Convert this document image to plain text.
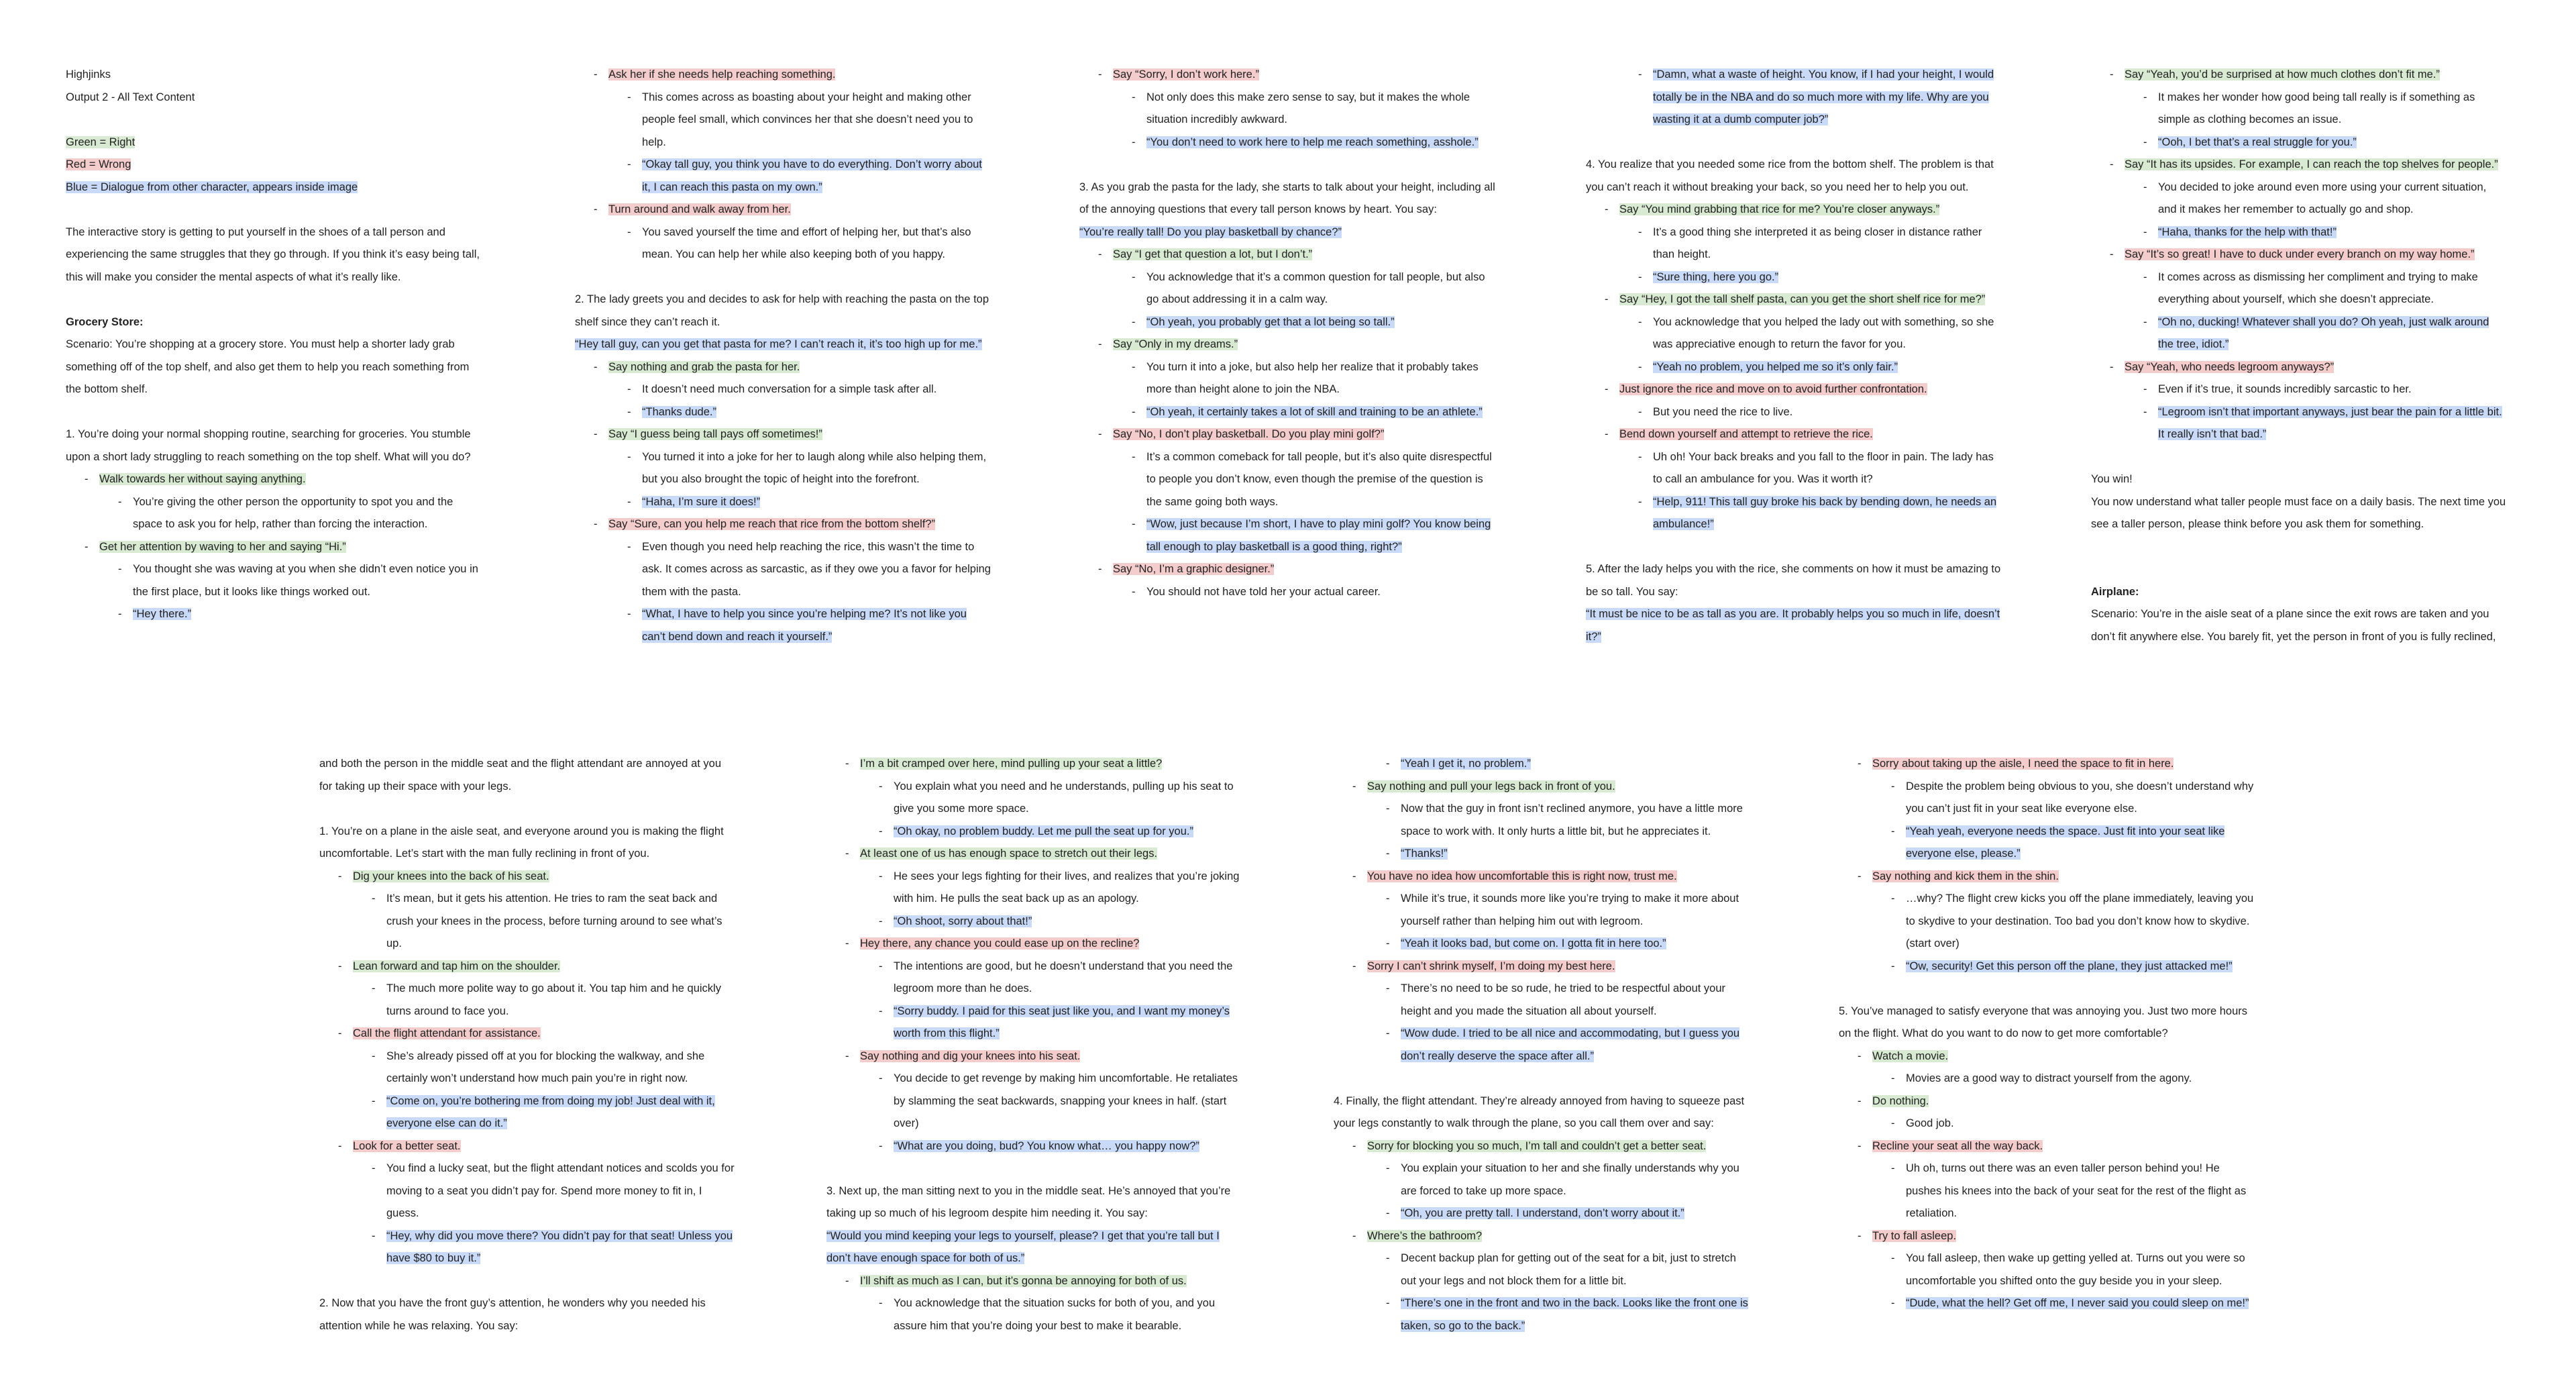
Highjinks
Output 2 - All Text Content
Green = Right
Red = Wrong
Blue = Dialogue from other character, appears inside image
The interactive story is getting to put yourself in the shoes of a tall person and experiencing the same struggles that they go through. If you think it’s easy being tall, this will make you consider the mental aspects of what it’s really like.
Grocery Store:
Scenario: You’re shopping at a grocery store. You must help a shorter lady grab something off of the top shelf, and also get them to help you reach something from the bottom shelf.
1. You’re doing your normal shopping routine, searching for groceries. You stumble upon a short lady struggling to reach something on the top shelf. What will you do?
- Walk towards her without saying anything.
- You’re giving the other person the opportunity to spot you and the space to ask you for help, rather than forcing the interaction.
- Get her attention by waving to her and saying “Hi.”
- You thought she was waving at you when she didn’t even notice you in the first place, but it looks like things worked out.
- “Hey there.”
- Ask her if she needs help reaching something.
- This comes across as boasting about your height and making other people feel small, which convinces her that she doesn’t need you to help.
- “Okay tall guy, you think you have to do everything. Don’t worry about it, I can reach this pasta on my own.”
- Turn around and walk away from her.
- You saved yourself the time and effort of helping her, but that’s also mean. You can help her while also keeping both of you happy.
2. The lady greets you and decides to ask for help with reaching the pasta on the top shelf since they can’t reach it.
“Hey tall guy, can you get that pasta for me? I can’t reach it, it’s too high up for me.”
- Say nothing and grab the pasta for her.
- It doesn’t need much conversation for a simple task after all.
- “Thanks dude.”
- Say “I guess being tall pays off sometimes!”
- You turned it into a joke for her to laugh along while also helping them, but you also brought the topic of height into the forefront.
- “Haha, I’m sure it does!”
- Say “Sure, can you help me reach that rice from the bottom shelf?”
- Even though you need help reaching the rice, this wasn’t the time to ask. It comes across as sarcastic, as if they owe you a favor for helping them with the pasta.
- “What, I have to help you since you’re helping me? It’s not like you can’t bend down and reach it yourself.”
- Say “Sorry, I don’t work here.”
- Not only does this make zero sense to say, but it makes the whole situation incredibly awkward.
- “You don’t need to work here to help me reach something, asshole.”
3. As you grab the pasta for the lady, she starts to talk about your height, including all of the annoying questions that every tall person knows by heart. You say:
“You’re really tall! Do you play basketball by chance?”
- Say “I get that question a lot, but I don’t.”
- You acknowledge that it’s a common question for tall people, but also go about addressing it in a calm way.
- “Oh yeah, you probably get that a lot being so tall.”
- Say “Only in my dreams.”
- You turn it into a joke, but also help her realize that it probably takes more than height alone to join the NBA.
- “Oh yeah, it certainly takes a lot of skill and training to be an athlete.”
- Say “No, I don’t play basketball. Do you play mini golf?”
- It’s a common comeback for tall people, but it’s also quite disrespectful to people you don’t know, even though the premise of the question is the same going both ways.
- “Wow, just because I’m short, I have to play mini golf? You know being tall enough to play basketball is a good thing, right?”
- Say “No, I’m a graphic designer.”
- You should not have told her your actual career.
- “Damn, what a waste of height. You know, if I had your height, I would totally be in the NBA and do so much more with my life. Why are you wasting it at a dumb computer job?”
4. You realize that you needed some rice from the bottom shelf. The problem is that you can’t reach it without breaking your back, so you need her to help you out.
- Say “You mind grabbing that rice for me? You’re closer anyways.”
- It’s a good thing she interpreted it as being closer in distance rather than height.
- “Sure thing, here you go.”
- Say “Hey, I got the tall shelf pasta, can you get the short shelf rice for me?”
- You acknowledge that you helped the lady out with something, so she was appreciative enough to return the favor for you.
- “Yeah no problem, you helped me so it’s only fair.”
- Just ignore the rice and move on to avoid further confrontation.
- But you need the rice to live.
- Bend down yourself and attempt to retrieve the rice.
- Uh oh! Your back breaks and you fall to the floor in pain. The lady has to call an ambulance for you. Was it worth it?
- “Help, 911! This tall guy broke his back by bending down, he needs an ambulance!”
5. After the lady helps you with the rice, she comments on how it must be amazing to be so tall. You say:
“It must be nice to be as tall as you are. It probably helps you so much in life, doesn’t it?”
- Say “Yeah, you’d be surprised at how much clothes don’t fit me.”
- It makes her wonder how good being tall really is if something as simple as clothing becomes an issue.
- “Ooh, I bet that’s a real struggle for you.”
- Say “It has its upsides. For example, I can reach the top shelves for people.”
- You decided to joke around even more using your current situation, and it makes her remember to actually go and shop.
- “Haha, thanks for the help with that!”
- Say “It’s so great! I have to duck under every branch on my way home.”
- It comes across as dismissing her compliment and trying to make everything about yourself, which she doesn’t appreciate.
- “Oh no, ducking! Whatever shall you do? Oh yeah, just walk around the tree, idiot.”
- Say “Yeah, who needs legroom anyways?”
- Even if it’s true, it sounds incredibly sarcastic to her.
- “Legroom isn’t that important anyways, just bear the pain for a little bit. It really isn’t that bad.”
You win!
You now understand what taller people must face on a daily basis. The next time you see a taller person, please think before you ask them for something.
Airplane:
Scenario: You’re in the aisle seat of a plane since the exit rows are taken and you don’t fit anywhere else. You barely fit, yet the person in front of you is fully reclined,
and both the person in the middle seat and the flight attendant are annoyed at you for taking up their space with your legs.
1. You’re on a plane in the aisle seat, and everyone around you is making the flight uncomfortable. Let’s start with the man fully reclining in front of you.
- Dig your knees into the back of his seat.
- It’s mean, but it gets his attention. He tries to ram the seat back and crush your knees in the process, before turning around to see what’s up.
- Lean forward and tap him on the shoulder.
- The much more polite way to go about it. You tap him and he quickly turns around to face you.
- Call the flight attendant for assistance.
- She’s already pissed off at you for blocking the walkway, and she certainly won’t understand how much pain you’re in right now.
- “Come on, you’re bothering me from doing my job! Just deal with it, everyone else can do it.”
- Look for a better seat.
- You find a lucky seat, but the flight attendant notices and scolds you for moving to a seat you didn’t pay for. Spend more money to fit in, I guess.
- “Hey, why did you move there? You didn’t pay for that seat! Unless you have $80 to buy it.”
2. Now that you have the front guy’s attention, he wonders why you needed his attention while he was relaxing. You say:
- I’m a bit cramped over here, mind pulling up your seat a little?
- You explain what you need and he understands, pulling up his seat to give you some more space.
- “Oh okay, no problem buddy. Let me pull the seat up for you.”
- At least one of us has enough space to stretch out their legs.
- He sees your legs fighting for their lives, and realizes that you’re joking with him. He pulls the seat back up as an apology.
- “Oh shoot, sorry about that!”
- Hey there, any chance you could ease up on the recline?
- The intentions are good, but he doesn’t understand that you need the legroom more than he does.
- “Sorry buddy. I paid for this seat just like you, and I want my money’s worth from this flight.”
- Say nothing and dig your knees into his seat.
- You decide to get revenge by making him uncomfortable. He retaliates by slamming the seat backwards, snapping your knees in half. (start over)
- “What are you doing, bud? You know what… you happy now?”
3. Next up, the man sitting next to you in the middle seat. He’s annoyed that you’re taking up so much of his legroom despite him needing it. You say:
“Would you mind keeping your legs to yourself, please? I get that you’re tall but I don’t have enough space for both of us.”
- I’ll shift as much as I can, but it’s gonna be annoying for both of us.
- You acknowledge that the situation sucks for both of you, and you assure him that you’re doing your best to make it bearable.
- “Yeah I get it, no problem.”
- Say nothing and pull your legs back in front of you.
- Now that the guy in front isn’t reclined anymore, you have a little more space to work with. It only hurts a little bit, but he appreciates it.
- “Thanks!”
- You have no idea how uncomfortable this is right now, trust me.
- While it’s true, it sounds more like you’re trying to make it more about yourself rather than helping him out with legroom.
- “Yeah it looks bad, but come on. I gotta fit in here too.”
- Sorry I can’t shrink myself, I’m doing my best here.
- There’s no need to be so rude, he tried to be respectful about your height and you made the situation all about yourself.
- “Wow dude. I tried to be all nice and accommodating, but I guess you don’t really deserve the space after all.”
4. Finally, the flight attendant. They’re already annoyed from having to squeeze past your legs constantly to walk through the plane, so you call them over and say:
- Sorry for blocking you so much, I’m tall and couldn’t get a better seat.
- You explain your situation to her and she finally understands why you are forced to take up more space.
- “Oh, you are pretty tall. I understand, don’t worry about it.”
- Where’s the bathroom?
- Decent backup plan for getting out of the seat for a bit, just to stretch out your legs and not block them for a little bit.
- “There’s one in the front and two in the back. Looks like the front one is taken, so go to the back.”
- Sorry about taking up the aisle, I need the space to fit in here.
- Despite the problem being obvious to you, she doesn’t understand why you can’t just fit in your seat like everyone else.
- “Yeah yeah, everyone needs the space. Just fit into your seat like everyone else, please.”
- Say nothing and kick them in the shin.
- …why? The flight crew kicks you off the plane immediately, leaving you to skydive to your destination. Too bad you don’t know how to skydive. (start over)
- “Ow, security! Get this person off the plane, they just attacked me!”
5. You’ve managed to satisfy everyone that was annoying you. Just two more hours on the flight. What do you want to do now to get more comfortable?
- Watch a movie.
- Movies are a good way to distract yourself from the agony.
- Do nothing.
- Good job.
- Recline your seat all the way back.
- Uh oh, turns out there was an even taller person behind you! He pushes his knees into the back of your seat for the rest of the flight as retaliation.
- Try to fall asleep.
- You fall asleep, then wake up getting yelled at. Turns out you were so uncomfortable you shifted onto the guy beside you in your sleep.
- “Dude, what the hell? Get off me, I never said you could sleep on me!”
